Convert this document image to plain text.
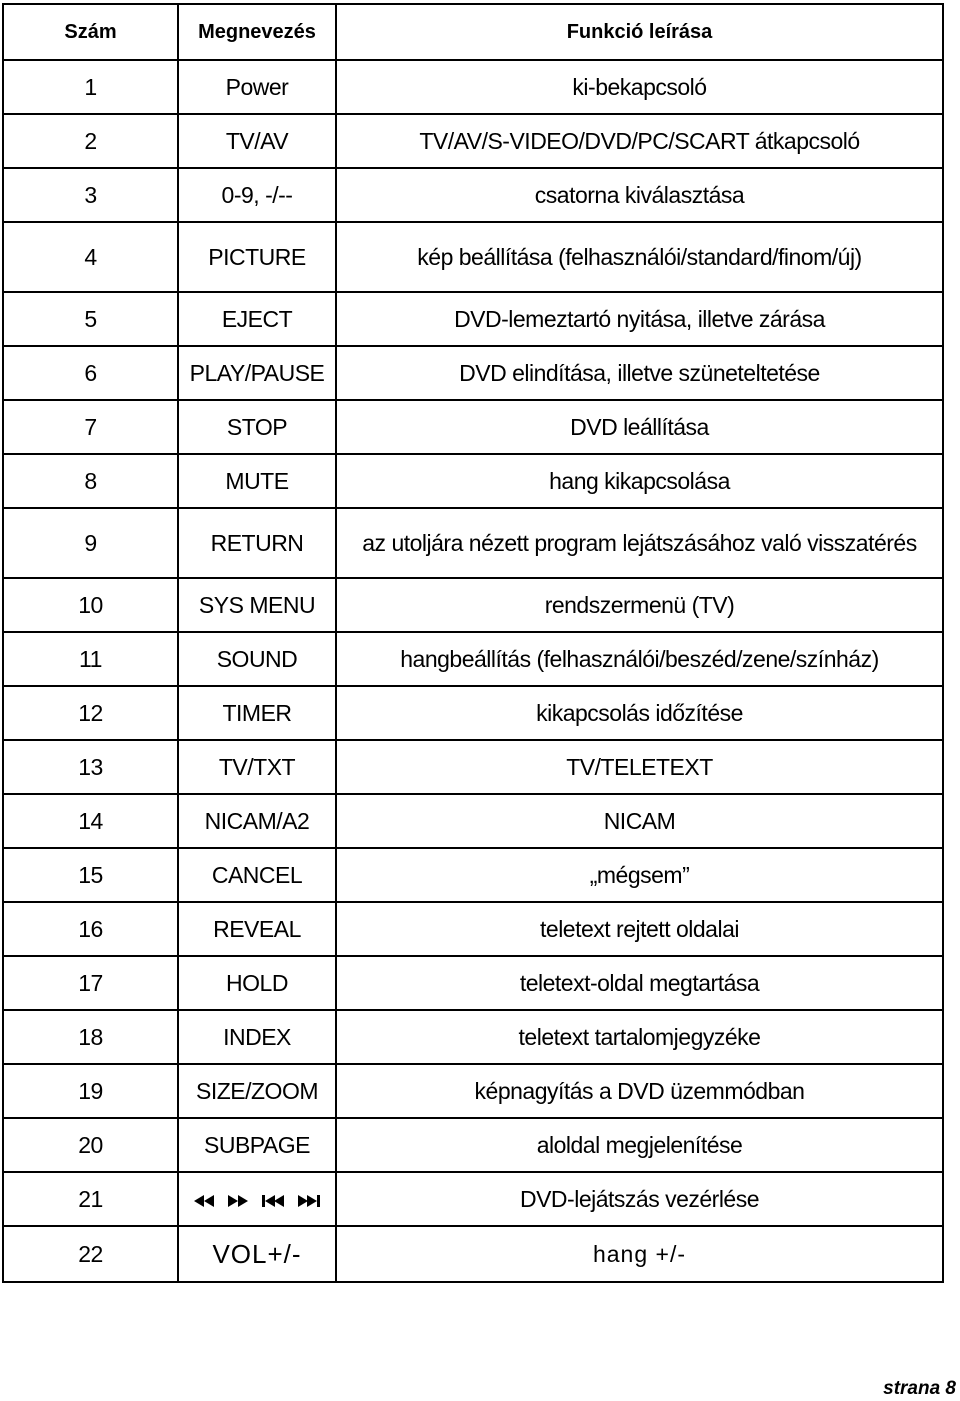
Szám	Megnevezés	Funkció leírása
1	Power	ki-bekapcsoló
2	TV/AV	TV/AV/S-VIDEO/DVD/PC/SCART átkapcsoló
3	0-9, -/--	csatorna kiválasztása
4	PICTURE	kép beállítása (felhasználói/standard/finom/új)
5	EJECT	DVD-lemeztartó nyitása, illetve zárása
6	PLAY/PAUSE	DVD elindítása, illetve szüneteltetése
7	STOP	DVD leállítása
8	MUTE	hang kikapcsolása
9	RETURN	az utoljára nézett program lejátszásához való visszatérés
10	SYS MENU	rendszermenü (TV)
11	SOUND	hangbeállítás (felhasználói/beszéd/zene/színház)
12	TIMER	kikapcsolás időzítése
13	TV/TXT	TV/TELETEXT
14	NICAM/A2	NICAM
15	CANCEL	„mégsem”
16	REVEAL	teletext rejtett oldalai
17	HOLD	teletext-oldal megtartása
18	INDEX	teletext tartalomjegyzéke
19	SIZE/ZOOM	képnagyítás a DVD üzemmódban
20	SUBPAGE	aloldal megjelenítése
21		DVD-lejátszás vezérlése
22	VOL+/-	hang +/-
strana 8
